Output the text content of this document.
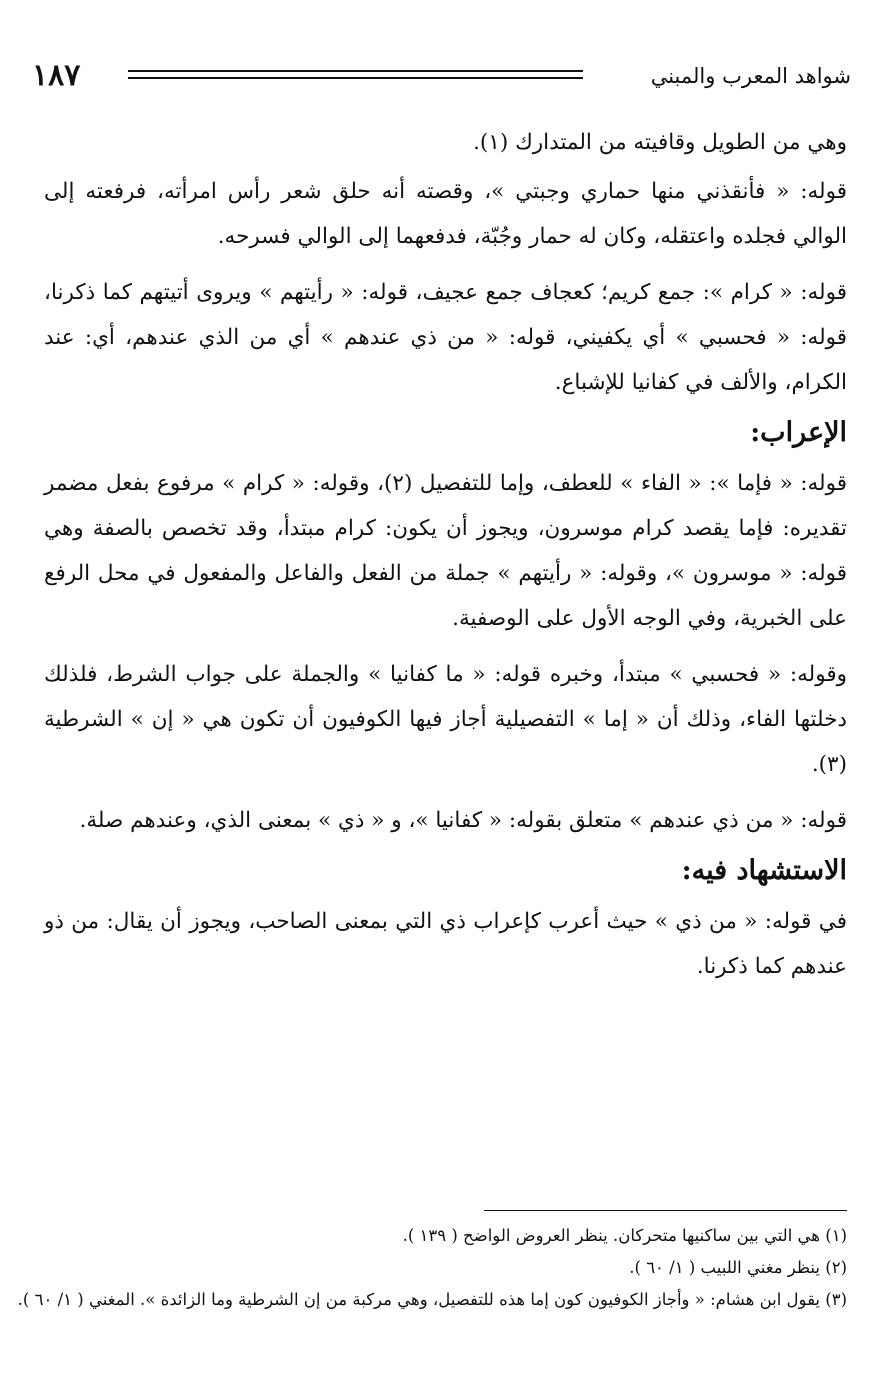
١٨٧	شواهد المعرب والمبني

وهي من الطويل وقافيته من المتدارك (١).

قوله: « فأنقذني منها حماري وجبتي »، وقصته أنه حلق شعر رأس امرأته، فرفعته إلى الوالي فجلده واعتقله، وكان له حمار وجُبّة، فدفعهما إلى الوالي فسرحه.

قوله: « كرام »: جمع كريم؛ كعجاف جمع عجيف، قوله: « رأيتهم » ويروى أتيتهم كما ذكرنا، قوله: « فحسبي » أي يكفيني، قوله: « من ذي عندهم » أي من الذي عندهم، أي: عند الكرام، والألف في كفانيا للإشباع.

الإعراب:

قوله: « فإما »: « الفاء » للعطف، وإما للتفصيل (٢)، وقوله: « كرام » مرفوع بفعل مضمر تقديره: فإما يقصد كرام موسرون، ويجوز أن يكون: كرام مبتدأ، وقد تخصص بالصفة وهي قوله: « موسرون »، وقوله: « رأيتهم » جملة من الفعل والفاعل والمفعول في محل الرفع على الخبرية، وفي الوجه الأول على الوصفية.

وقوله: « فحسبي » مبتدأ، وخبره قوله: « ما كفانيا » والجملة على جواب الشرط، فلذلك دخلتها الفاء، وذلك أن « إما » التفصيلية أجاز فيها الكوفيون أن تكون هي « إن » الشرطية (٣).

قوله: « من ذي عندهم » متعلق بقوله: « كفانيا »، و « ذي » بمعنى الذي، وعندهم صلة.

الاستشهاد فيه:

في قوله: « من ذي » حيث أعرب كإعراب ذي التي بمعنى الصاحب، ويجوز أن يقال: من ذو عندهم كما ذكرنا.

(١) هي التي بين ساكنيها متحركان. ينظر العروض الواضح ( ١٣٩ ).
(٢) ينظر مغني اللبيب ( ١/ ٦٠ ).
(٣) يقول ابن هشام: « وأجاز الكوفيون كون إما هذه للتفصيل، وهي مركبة من إن الشرطية وما الزائدة ». المغني ( ١/ ٦٠ ).
